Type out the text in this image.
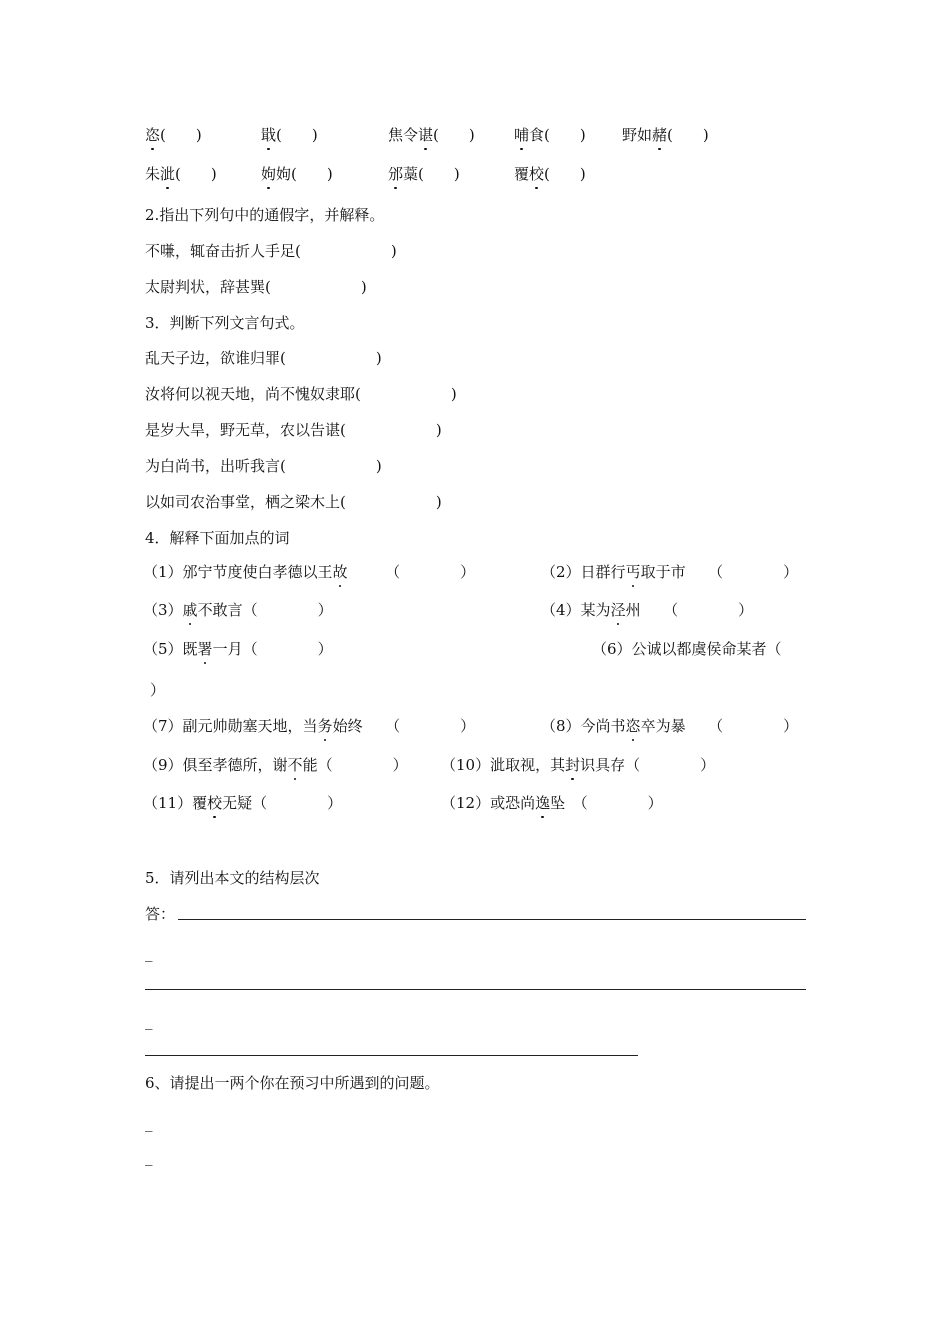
恣(　　)	戢(　　)	焦令谌(　　)	哺食(　　) 野如赭(　　)
朱泚(　　)	姁姁(　　)	邠藁(　　)	覆校(　　)
2.指出下列句中的通假字，并解释。
不嗛，辄奋击折人手足(　　　　　　)
太尉判状，辞甚巽(　　　　　　)
3．判断下列文言句式。
乱天子边，欲谁归罪(　　　　　　)
汝将何以视天地，尚不愧奴隶耶(　　　　　　)
是岁大旱，野无草，农以告谌(　　　　　　)
为白尚书，出听我言(　　　　　　)
以如司农治事堂，栖之梁木上(　　　　　　)
4．解释下面加点的词
（1）邠宁节度使白孝德以王故　　　（　　　　）	（2）日群行丐取于市　　（　　　　）
（3）戚不敢言（　　　　）	（4）某为泾州　　（　　　　）
（5）既署一月（　　　　）	（6）公诚以都虞侯命某者（
）
（7）副元帅勋塞天地，当务始终　　（　　　　）	（8）今尚书恣卒为暴　　（　　　　）
（9）俱至孝德所，谢不能（　　　　） （10）泚取视，其封识具存（　　　　）
（11）覆校无疑（　　　　）	（12）或恐尚逸坠　（　　　　）
5．请列出本文的结构层次
答：
_
_
6、请提出一两个你在预习中所遇到的问题。
_
_
